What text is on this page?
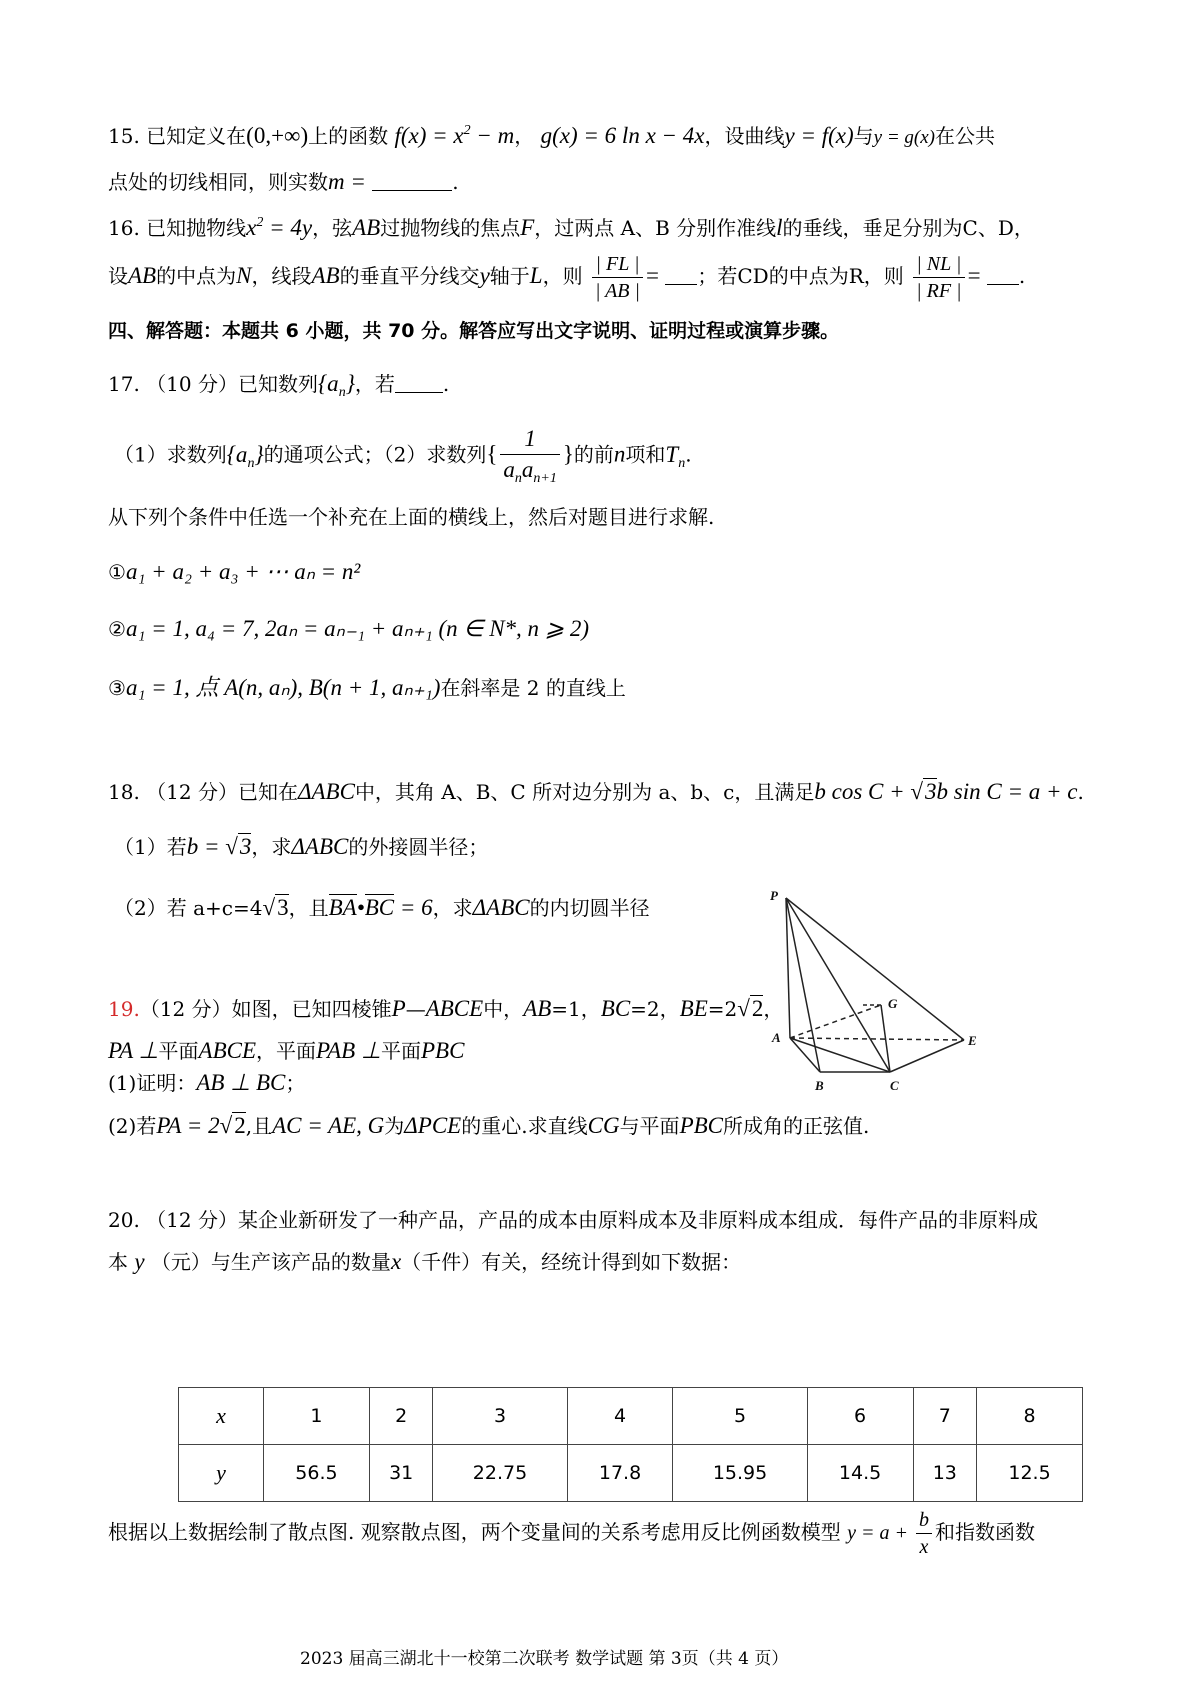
15. 已知定义在(0,+∞)上的函数 $f(x) = x^2 - m$， g(x) = 6 ln x − 4x，设曲线y = f(x)与y = g(x)在公共
点处的切线相同，则实数m =	.
16. 已知抛物线$x^2 = 4y$，弦AB过抛物线的焦点F，过两点 A、B 分别作准线l的垂线，垂足分别为C、D，
设AB的中点为N，线段AB的垂直平分线交y轴于L，则 $\frac{| FL |}{| AB |}$ = ；若CD的中点为R，则 $\frac{| NL |}{| RF |}$ = .
四、解答题：本题共 6 小题，共 70 分。解答应写出文字说明、证明过程或演算步骤。
17. （10 分）已知数列$\{a_n\}$，若 .
（1）求数列$\{a_n\}$的通项公式；（2）求数列{ $\frac{1}{a_na_{n+1}}$ }的前n项和$T_n$.
从下列个条件中任选一个补充在上面的横线上，然后对题目进行求解.
①a₁ + a₂ + a₃ + ⋯ aₙ = n²
②a₁ = 1, a₄ = 7, 2aₙ = aₙ₋₁ + aₙ₊₁ (n ∈ N*, n ⩾ 2)
③a₁ = 1, 点 A(n, aₙ), B(n + 1, aₙ₊₁)在斜率是 2 的直线上
18. （12 分）已知在ΔABC中，其角 A、B、C 所对边分别为 a、b、c，且满足b cos C + √3b sin C = a + c.
（1）若b = √3，求ΔABC的外接圆半径；
（2）若 a+c=4√3，且BA•BC = 6，求ΔABC的内切圆半径
19.（12 分）如图，已知四棱锥P—ABCE中，AB=1，BC=2，BE=2√2，
PA ⊥平面ABCE，平面PAB ⊥平面PBC
(1)证明：AB ⊥ BC；
(2)若PA = 2√2,且AC = AE, G为ΔPCE的重心.求直线CG与平面PBC所成角的正弦值.
P
A
B	C
E
G
20. （12 分）某企业新研发了一种产品，产品的成本由原料成本及非原料成本组成．每件产品的非原料成
本 y （元）与生产该产品的数量x（千件）有关，经统计得到如下数据：
x	1	2	3	4	5	6	7	8
y	56.5	31	22.75	17.8	15.95	14.5	13	12.5
根据以上数据绘制了散点图. 观察散点图，两个变量间的关系考虑用反比例函数模型 $y = a + \frac{b}{x}$ 和指数函数
2023 届高三湖北十一校第二次联考 数学试题 第 3页（共 4 页）
